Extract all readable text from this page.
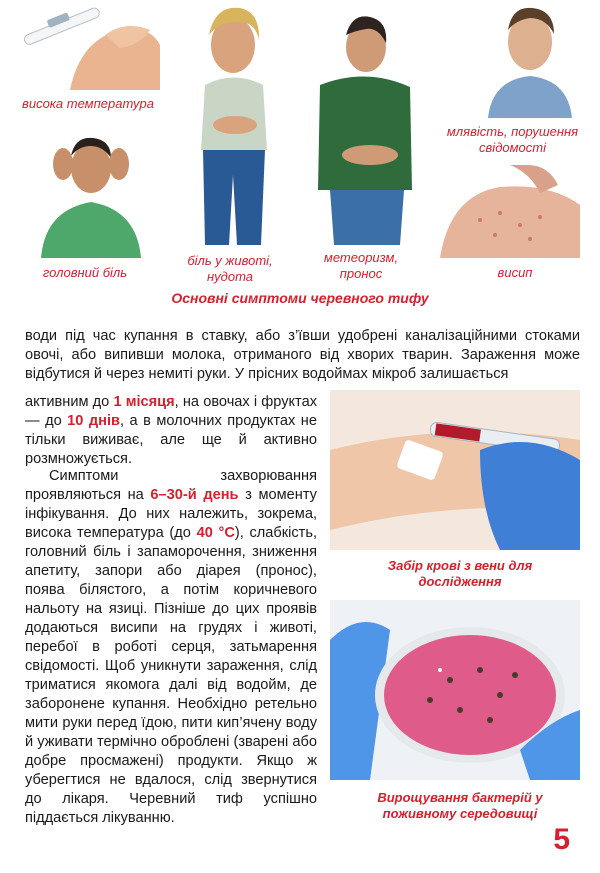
висока температура
млявість, порушення свідомості
головний біль
біль у животі, нудота
метеоризм, пронос	висип
Основні симптоми черевного тифу

води під час купання в ставку, або з’ївши удобрені каналізаційними стоками овочі, або випивши молока, отриманого від хворих тварин. Зараження може відбутися й через немиті руки. У прісних водоймах мікроб залишається

активним до 1 місяця, на овочах і фруктах — до 10 днів, а в молочних продуктах не тільки виживає, але ще й активно розмножується.

Симптоми захворювання проявляються на 6–30-й день з моменту інфікування. До них належить, зокрема, висока температура (до 40 °C), слабкість, головний біль і запаморочення, зниження апетиту, запори або діарея (пронос), поява білястого, а потім коричневого нальоту на язиці. Пізніше до цих проявів додаються висипи на грудях і животі, перебої в роботі серця, затьмарення свідомості. Щоб уникнути зараження, слід триматися якомога далі від водойм, де заборонене купання. Необхідно ретельно мити руки перед їдою, пити кип’ячену воду й уживати термічно оброблені (зварені або добре просмажені) продукти. Якщо ж уберегтися не вдалося, слід звернутися до лікаря. Черевний тиф успішно піддається лікуванню.

Забір крові з вени для дослідження
Вирощування бактерій у поживному середовищі
5
